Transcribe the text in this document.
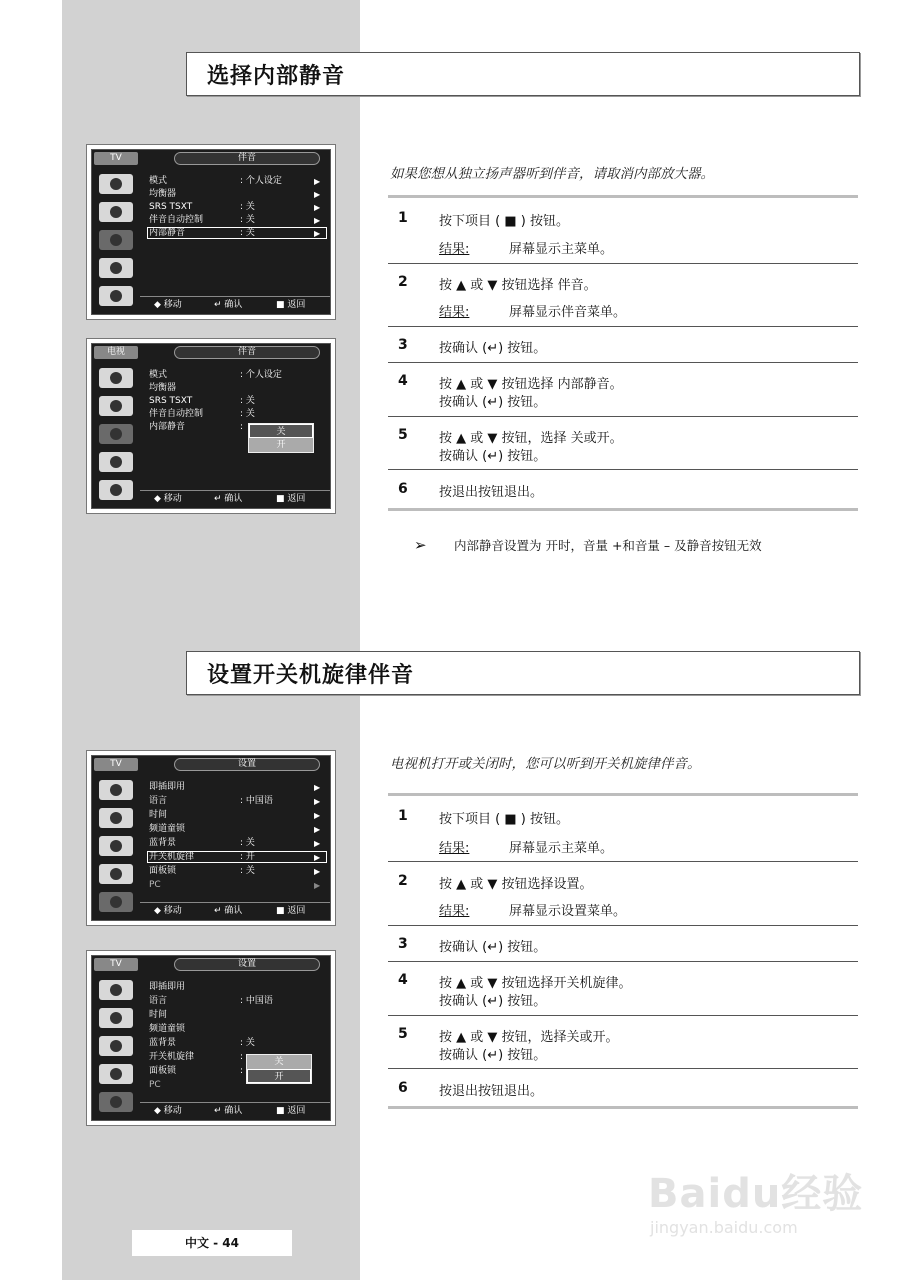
选择内部静音
如果您想从独立扬声器听到伴音，请取消内部放大器。
1 按下项目 ( ■ ) 按钮。
结果:	屏幕显示主菜单。
2 按 ▲ 或 ▼ 按钮选择 伴音。
结果:	屏幕显示伴音菜单。
3 按确认 (↵) 按钮。
4 按 ▲ 或 ▼ 按钮选择 内部静音。
按确认 (↵) 按钮。
5 按 ▲ 或 ▼ 按钮，选择 关或开。
按确认 (↵) 按钮。
6 按退出按钮退出。
➢ 内部静音设置为 开时，音量 +和音量 – 及静音按钮无效
设置开关机旋律伴音
电视机打开或关闭时，您可以听到开关机旋律伴音。
1 按下项目 ( ■ ) 按钮。
结果:	屏幕显示主菜单。
2 按 ▲ 或 ▼ 按钮选择设置。
结果:	屏幕显示设置菜单。
3 按确认 (↵) 按钮。
4 按 ▲ 或 ▼ 按钮选择开关机旋律。
按确认 (↵) 按钮。
5 按 ▲ 或 ▼ 按钮，选择关或开。
按确认 (↵) 按钮。
6 按退出按钮退出。
TV	伴音
模式	: 个人设定	▶
均衡器	▶
SRS TSXT	: 关	▶
伴音自动控制	: 关	▶
内部静音	: 关	▶
◆ 移动	↵ 确认	■ 返回
电视	伴音
模式	: 个人设定
均衡器
SRS TSXT	: 关
伴音自动控制	: 关
内部静音	:	关
开
◆ 移动	↵ 确认	■ 返回
TV	设置
即插即用	▶
语言	: 中国语	▶
时间	▶
频道童锁	▶
蓝背景	: 关	▶
开关机旋律	: 开	▶
面板锁	: 关	▶
PC	▶
◆ 移动	↵ 确认	■ 返回
TV	设置
即插即用
语言	: 中国语
时间
频道童锁
蓝背景	: 关
开关机旋律	:
面板锁	:
PC
关
开
◆ 移动	↵ 确认	■ 返回
中文 - 44
Baidu经验
jingyan.baidu.com
